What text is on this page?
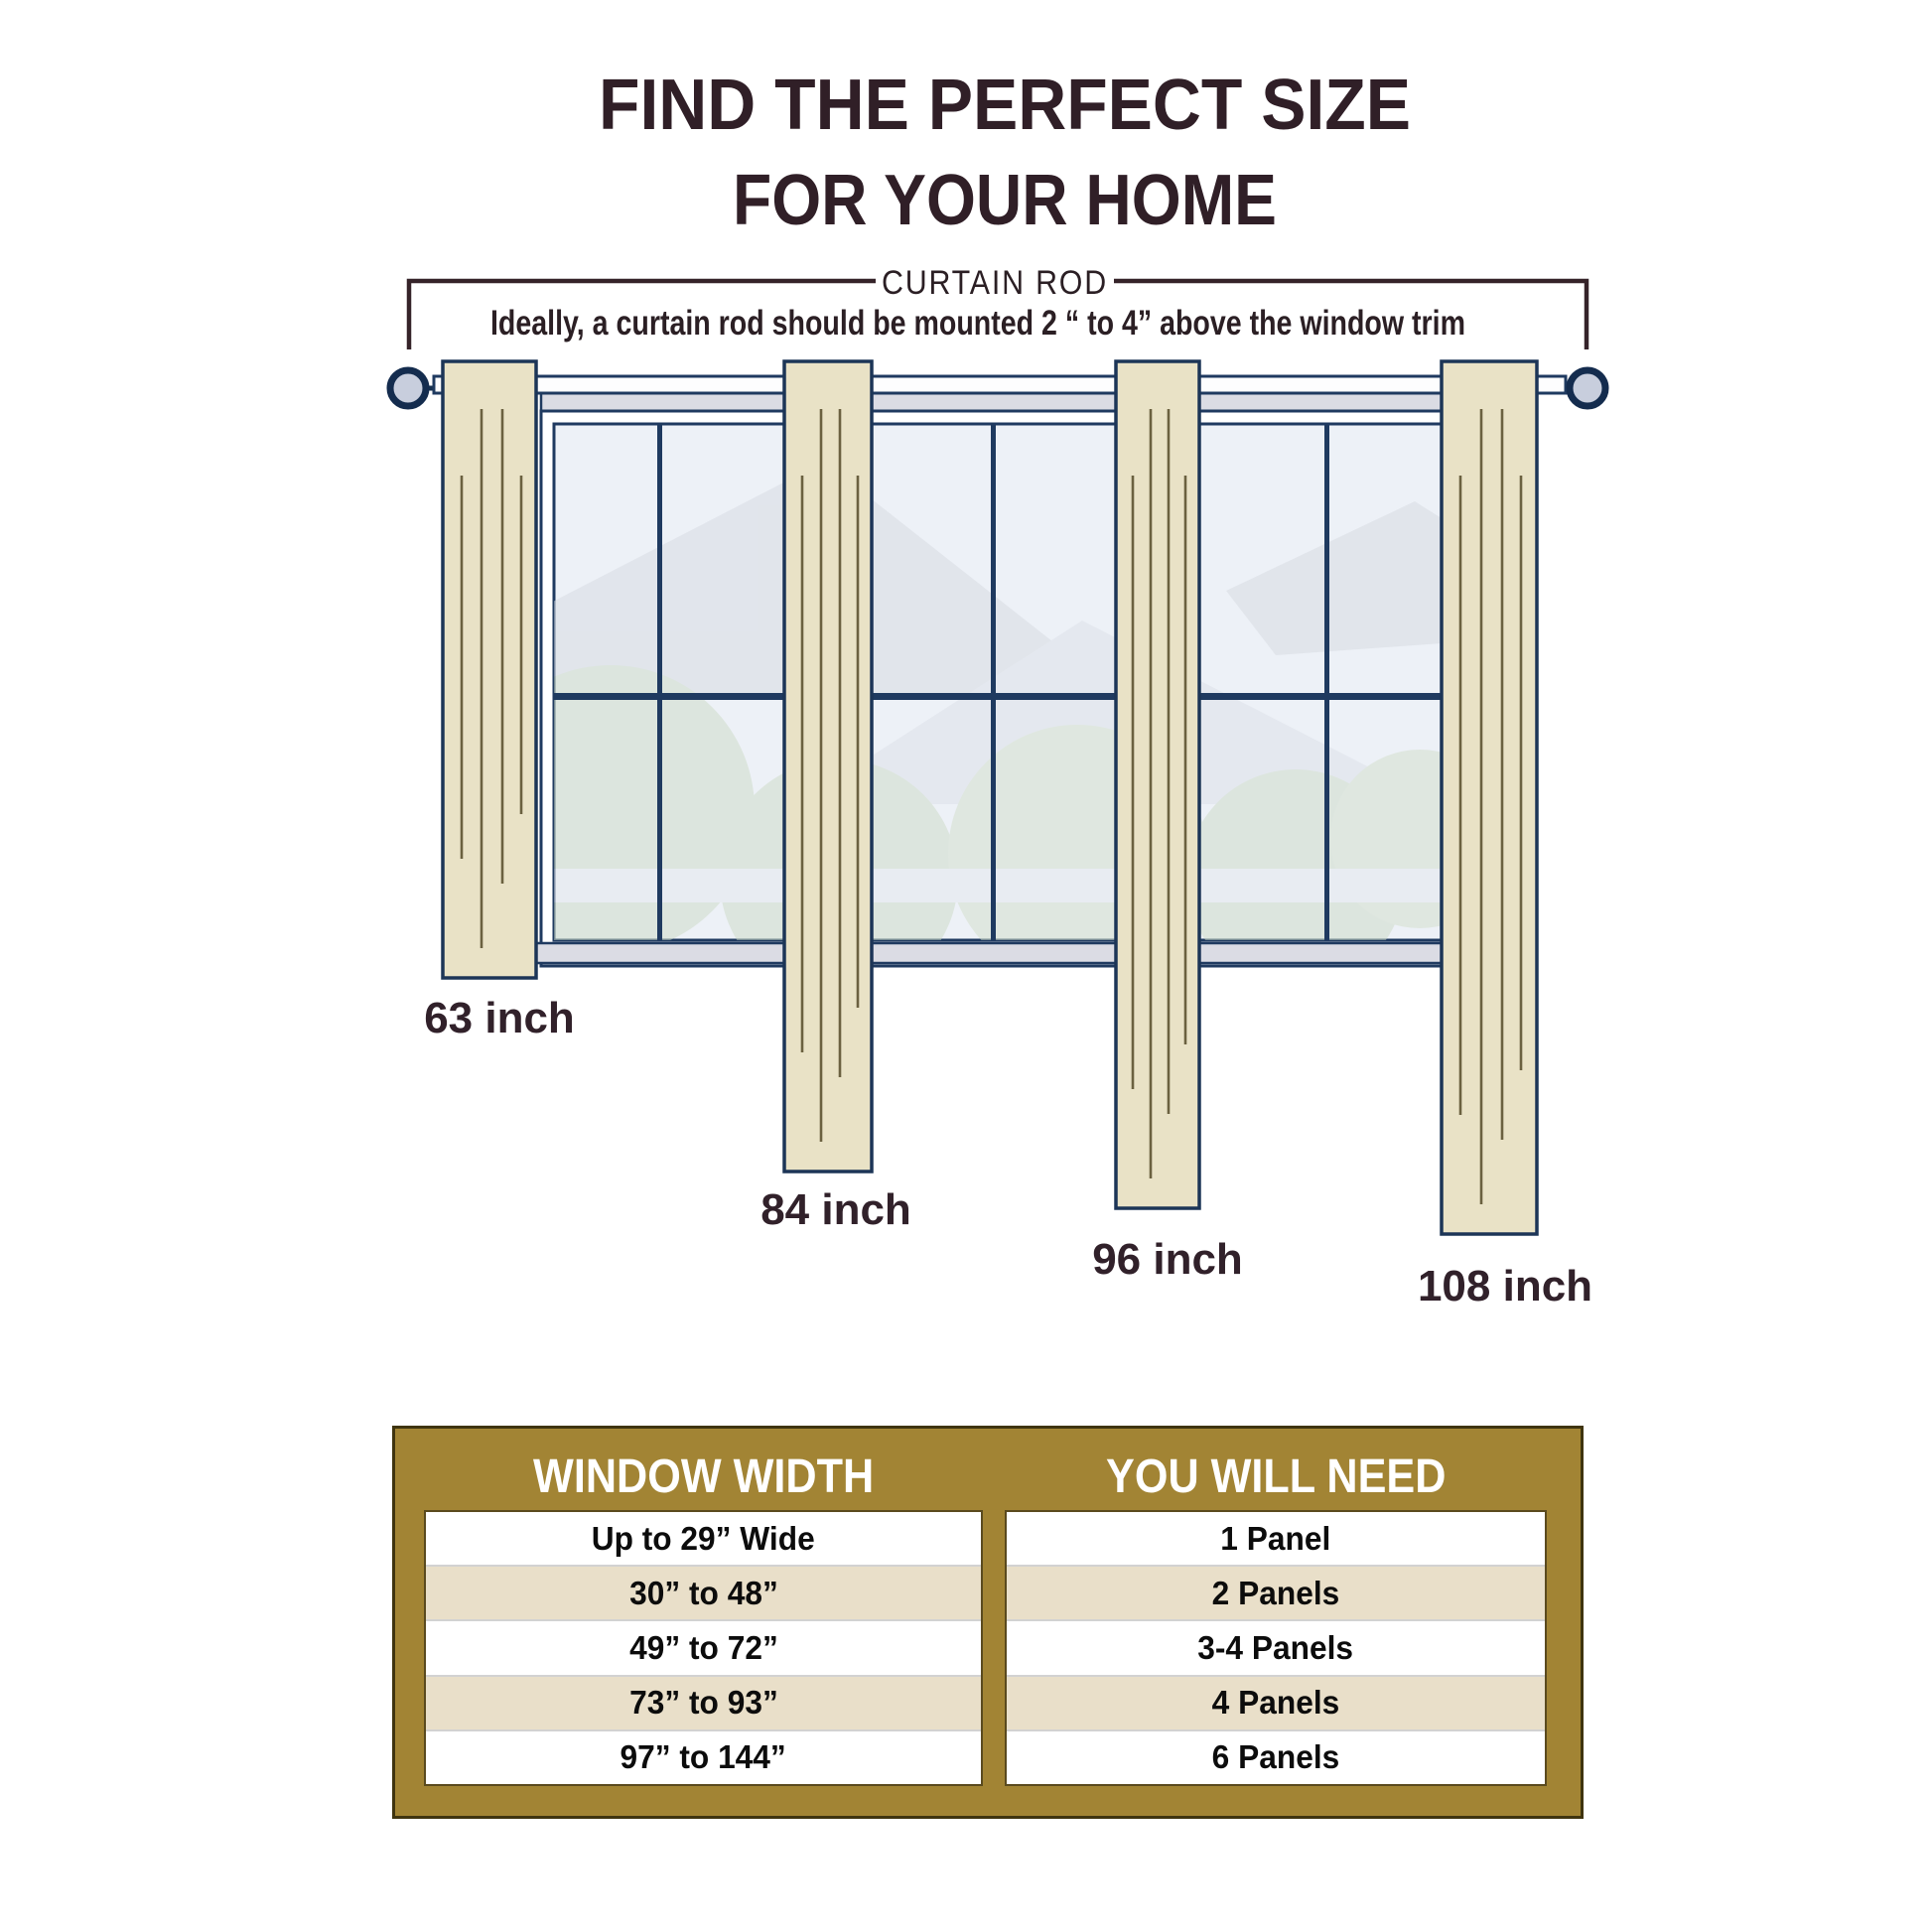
FIND THE PERFECT SIZE
FOR YOUR HOME
CURTAIN ROD
Ideally, a curtain rod should be mounted 2 “ to 4” above the window trim
63 inch
84 inch
96 inch
108 inch
WINDOW WIDTH	YOU WILL NEED
Up to 29” Wide
30” to 48”
49” to 72”
73” to 93”
97” to 144”
1 Panel
2 Panels
3-4 Panels
4 Panels
6 Panels
